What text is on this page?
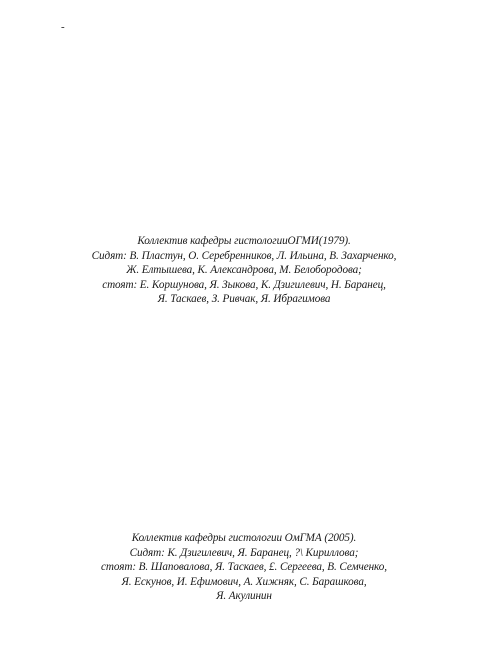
-
Коллектив кафедры гистологииОГМИ(1979).
Сидят: В. Пластун, О. Серебренников, Л. Ильина, В. Захарченко,
Ж. Елтышева, К. Александрова, М. Белобородова;
стоят: Е. Коршунова, Я. Зыкова, К. Дзигилевич, Н. Баранец,
Я. Таскаев, З. Ривчак, Я. Ибрагимова
Коллектив кафедры гистологии ОмГМА (2005).
Сидят: К. Дзигилевич, Я. Баранец, ?\ Кириллова;
стоят: В. Шаповалова, Я. Таскаев, £. Сергеева, В. Семченко,
Я. Ескунов, И. Ефимович, А. Хижняк, С. Барашкова,
Я. Акулинин
